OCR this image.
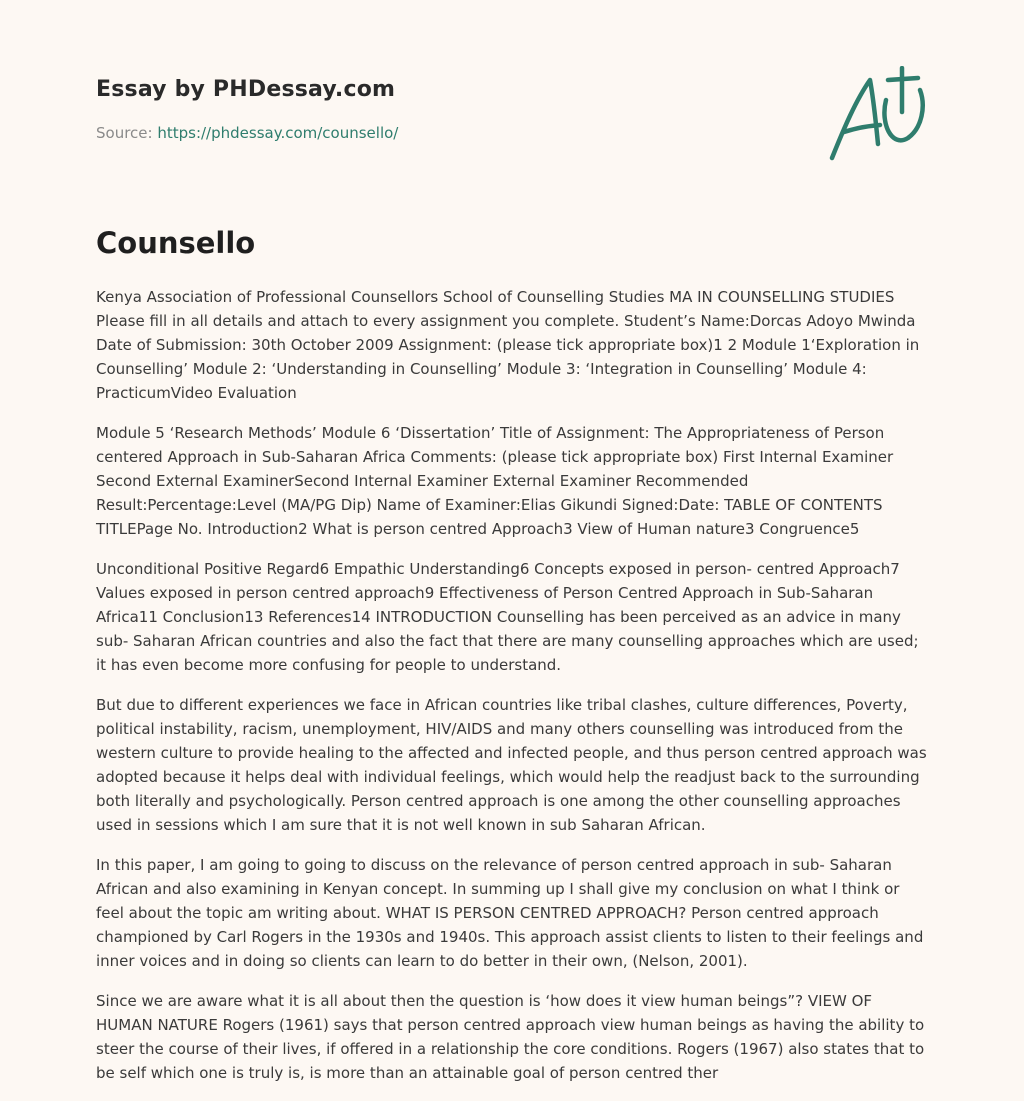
Essay by PHDessay.com
Source: https://phdessay.com/counsello/
Counsello

Kenya Association of Professional Counsellors School of Counselling Studies MA IN COUNSELLING STUDIES Please fill in all details and attach to every assignment you complete. Student’s Name:Dorcas Adoyo Mwinda Date of Submission: 30th October 2009 Assignment: (please tick appropriate box)1 2 Module 1‘Exploration in Counselling’ Module 2: ‘Understanding in Counselling’ Module 3: ‘Integration in Counselling’ Module 4: PracticumVideo Evaluation

Module 5 ‘Research Methods’ Module 6 ‘Dissertation’ Title of Assignment: The Appropriateness of Person centered Approach in Sub-Saharan Africa Comments: (please tick appropriate box) First Internal Examiner Second External ExaminerSecond Internal Examiner External Examiner Recommended Result:Percentage:Level (MA/PG Dip) Name of Examiner:Elias Gikundi Signed:Date: TABLE OF CONTENTS TITLEPage No. Introduction2 What is person centred Approach3 View of Human nature3 Congruence5

Unconditional Positive Regard6 Empathic Understanding6 Concepts exposed in person- centred Approach7 Values exposed in person centred approach9 Effectiveness of Person Centred Approach in Sub-Saharan Africa11 Conclusion13 References14 INTRODUCTION Counselling has been perceived as an advice in many sub- Saharan African countries and also the fact that there are many counselling approaches which are used; it has even become more confusing for people to understand.

But due to different experiences we face in African countries like tribal clashes, culture differences, Poverty, political instability, racism, unemployment, HIV/AIDS and many others counselling was introduced from the western culture to provide healing to the affected and infected people, and thus person centred approach was adopted because it helps deal with individual feelings, which would help the readjust back to the surrounding both literally and psychologically. Person centred approach is one among the other counselling approaches used in sessions which I am sure that it is not well known in sub Saharan African.

In this paper, I am going to going to discuss on the relevance of person centred approach in sub- Saharan African and also examining in Kenyan concept. In summing up I shall give my conclusion on what I think or feel about the topic am writing about. WHAT IS PERSON CENTRED APPROACH? Person centred approach championed by Carl Rogers in the 1930s and 1940s. This approach assist clients to listen to their feelings and inner voices and in doing so clients can learn to do better in their own, (Nelson, 2001).

Since we are aware what it is all about then the question is ‘how does it view human beings”? VIEW OF HUMAN NATURE Rogers (1961) says that person centred approach view human beings as having the ability to steer the course of their lives, if offered in a relationship the core conditions. Rogers (1967) also states that to be self which one is truly is, is more than an attainable goal of person centred ther
